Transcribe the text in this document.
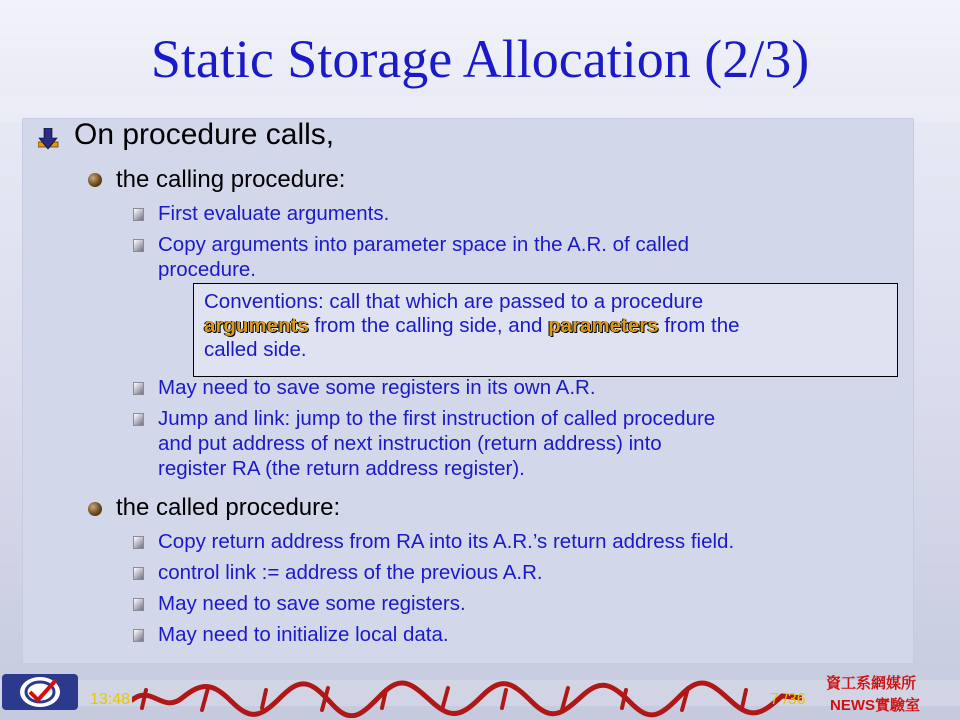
Static Storage Allocation (2/3)
On procedure calls,
the calling procedure:
First evaluate arguments.
Copy arguments into parameter space in the A.R. of called
procedure.
Conventions: call that which are passed to a procedure
arguments from the calling side, and parameters from the
called side.
May need to save some registers in its own A.R.
Jump and link: jump to the first instruction of called procedure
and put address of next instruction (return address) into
register RA (the return address register).
the called procedure:
Copy return address from RA into its A.R.’s return address field.
control link := address of the previous A.R.
May need to save some registers.
May need to initialize local data.
13:48	7 /36
資工系網媒所
NEWS實驗室
